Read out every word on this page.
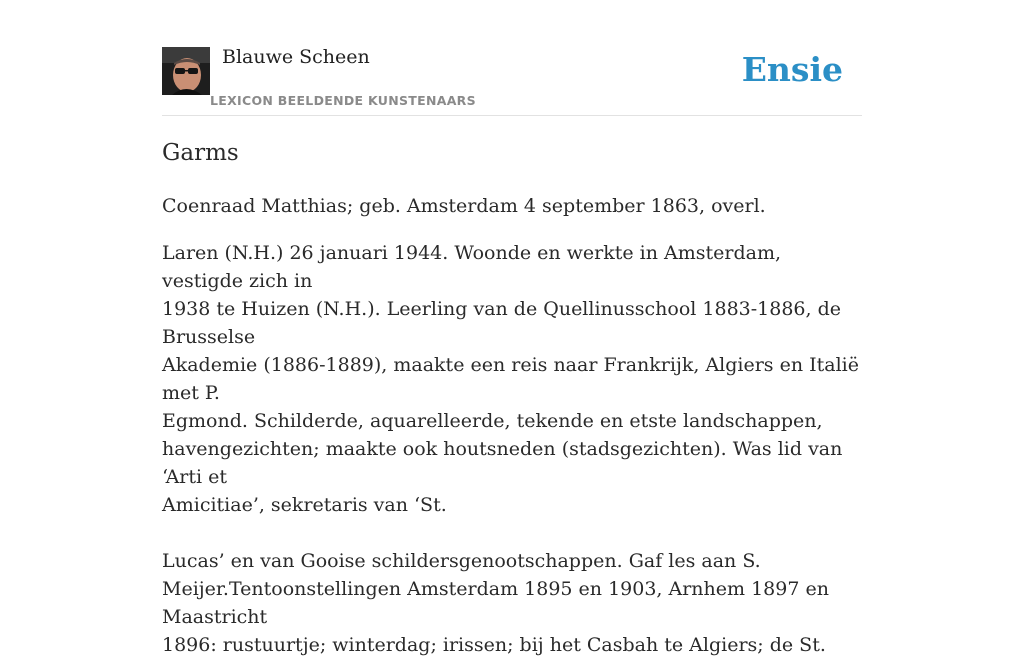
Blauwe Scheen
LEXICON BEELDENDE KUNSTENAARS
Ensie
Garms

Coenraad Matthias; geb. Amsterdam 4 september 1863, overl.

Laren (N.H.) 26 januari 1944. Woonde en werkte in Amsterdam, vestigde zich in
1938 te Huizen (N.H.). Leerling van de Quellinusschool 1883-1886, de Brusselse
Akademie (1886-1889), maakte een reis naar Frankrijk, Algiers en Italië met P.
Egmond. Schilderde, aquarelleerde, tekende en etste landschappen,
havengezichten; maakte ook houtsneden (stadsgezichten). Was lid van ‘Arti et
Amicitiae’, sekretaris van ‘St.

Lucas’ en van Gooise schildersgenootschappen. Gaf les aan S.
Meijer.Tentoonstellingen Amsterdam 1895 en 1903, Arnhem 1897 en Maastricht
1896: rustuurtje; winterdag; irissen; bij het Casbah te Algiers; de St.
